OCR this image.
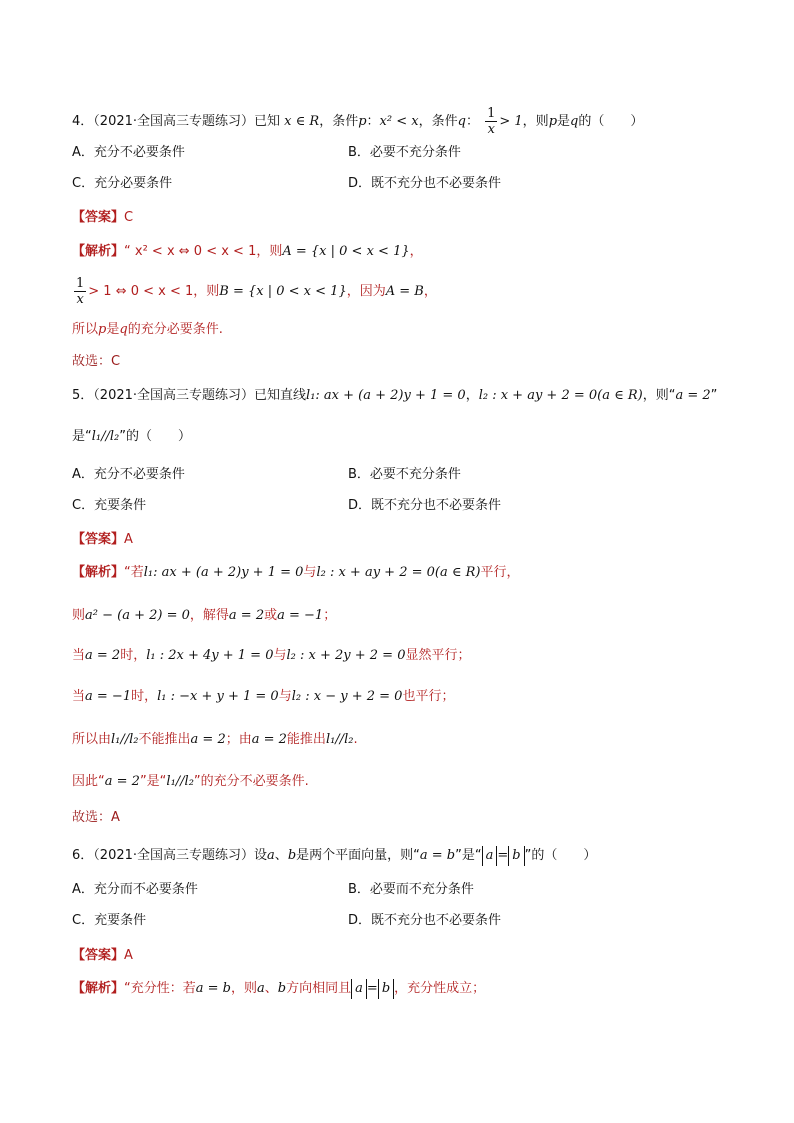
4．（2021·全国高三专题练习）已知 x ∈ R，条件p：x² < x，条件q： $\frac{1}{x} > 1$，则p是q的（　　）
A．充分不必要条件	B．必要不充分条件
C．充分必要条件	D．既不充分也不必要条件
【答案】C
【解析】“ x² < x ⇔ 0 < x < 1，则A = {x | 0 < x < 1}，
$\frac{1}{x} > 1$ ⇔ 0 < x < 1，则B = {x | 0 < x < 1}，因为A = B，
所以p是q的充分必要条件.
故选：C
5．（2021·全国高三专题练习）已知直线l₁: ax + (a + 2)y + 1 = 0，l₂ : x + ay + 2 = 0(a ∈ R)，则“a = 2”
是“l₁//l₂”的（　　）
A．充分不必要条件	B．必要不充分条件
C．充要条件	D．既不充分也不必要条件
【答案】A
【解析】“若l₁: ax + (a + 2)y + 1 = 0与l₂ : x + ay + 2 = 0(a ∈ R)平行，
则a² − (a + 2) = 0，解得a = 2或a = −1；
当a = 2时，l₁ : 2x + 4y + 1 = 0与l₂ : x + 2y + 2 = 0显然平行；
当a = −1时，l₁ : −x + y + 1 = 0与l₂ : x − y + 2 = 0也平行；
所以由l₁//l₂不能推出a = 2；由a = 2能推出l₁//l₂.
因此“a = 2”是“l₁//l₂”的充分不必要条件.
故选：A
6．（2021·全国高三专题练习）设a、b是两个平面向量，则“a = b”是“ a = b ”的（　　）
A．充分而不必要条件	B．必要而不充分条件
C．充要条件	D．既不充分也不必要条件
【答案】A
【解析】“充分性：若a = b，则a、b方向相同且 a = b ，充分性成立；
